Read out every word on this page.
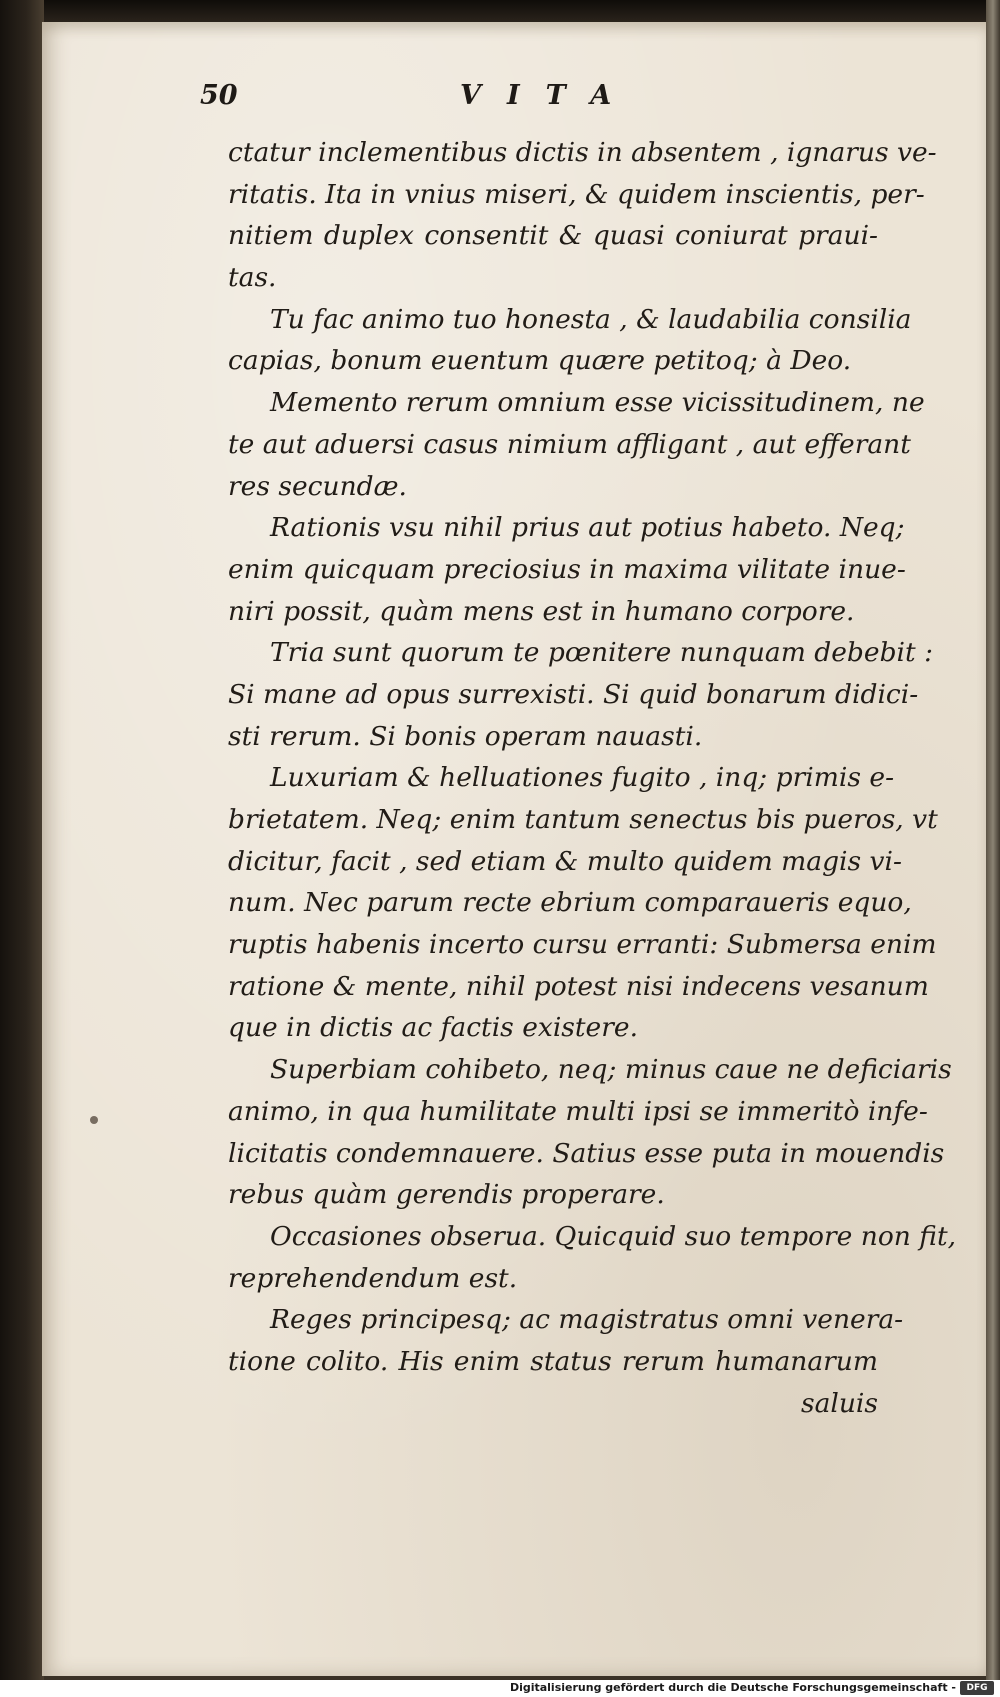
50	VITA
ctatur inclementibus dictis in absentem , ignarus ve-
ritatis. Ita in vnius miseri, & quidem inscientis, per-
nitiem duplex consentit & quasi coniurat praui-
tas.
Tu fac animo tuo honesta , & laudabilia consilia
capias, bonum euentum quære petitoq; à Deo.
Memento rerum omnium esse vicissitudinem, ne
te aut aduersi casus nimium affligant , aut efferant
res secundæ.
Rationis vsu nihil prius aut potius habeto. Neq;
enim quicquam preciosius in maxima vilitate inue-
niri possit, quàm mens est in humano corpore.
Tria sunt quorum te pœnitere nunquam debebit :
Si mane ad opus surrexisti. Si quid bonarum didici-
sti rerum. Si bonis operam nauasti.
Luxuriam & helluationes fugito , inq; primis e-
brietatem. Neq; enim tantum senectus bis pueros, vt
dicitur, facit , sed etiam & multo quidem magis vi-
num. Nec parum recte ebrium comparaueris equo,
ruptis habenis incerto cursu erranti: Submersa enim
ratione & mente, nihil potest nisi indecens vesanum
que in dictis ac factis existere.
Superbiam cohibeto, neq; minus caue ne deficiaris
animo, in qua humilitate multi ipsi se immeritò infe-
licitatis condemnauere. Satius esse puta in mouendis
rebus quàm gerendis properare.
Occasiones obserua. Quicquid suo tempore non fit,
reprehendendum est.
Reges principesq; ac magistratus omni venera-
tione colito. His enim status rerum humanarum
saluis
Digitalisierung gefördert durch die Deutsche Forschungsgemeinschaft -	DFG
